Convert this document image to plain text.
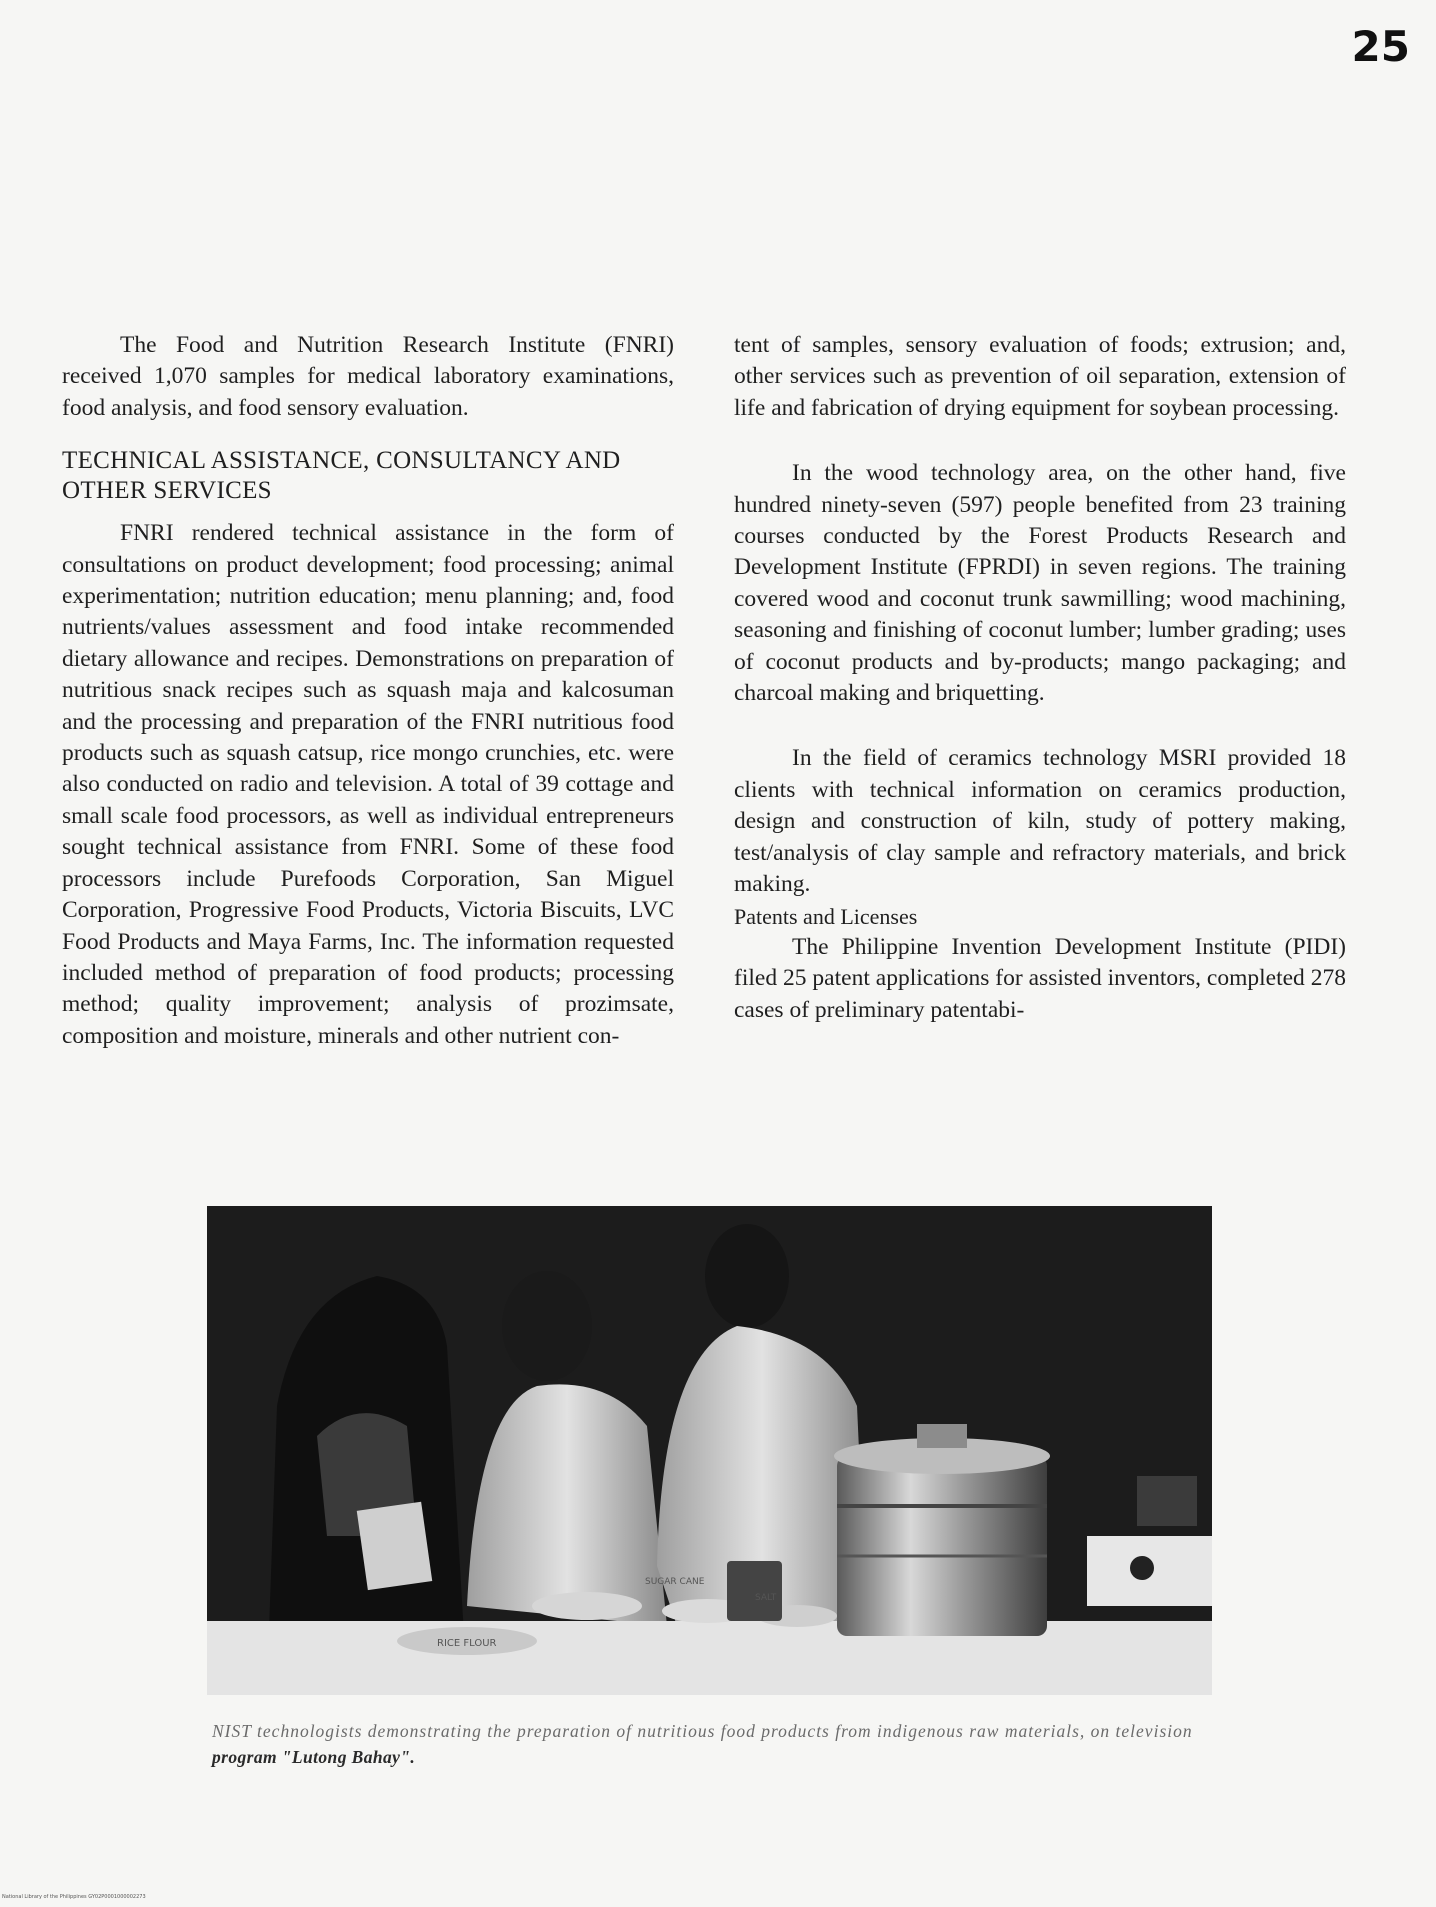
25

The Food and Nutrition Research Institute (FNRI) received 1,070 samples for medical laboratory examinations, food analysis, and food sensory evaluation.

TECHNICAL ASSISTANCE, CONSULTANCY AND OTHER SERVICES

FNRI rendered technical assistance in the form of consultations on product development; food processing; animal experimentation; nutrition education; menu planning; and, food nutrients/values assessment and food intake recommended dietary allowance and recipes. Demonstrations on preparation of nutritious snack recipes such as squash maja and kalcosuman and the processing and preparation of the FNRI nutritious food products such as squash catsup, rice mongo crunchies, etc. were also conducted on radio and television. A total of 39 cottage and small scale food processors, as well as individual entrepreneurs sought technical assistance from FNRI. Some of these food processors include Purefoods Corporation, San Miguel Corporation, Progressive Food Products, Victoria Biscuits, LVC Food Products and Maya Farms, Inc. The information requested included method of preparation of food products; processing method; quality improvement; analysis of prozimsate, composition and moisture, minerals and other nutrient con-

tent of samples, sensory evaluation of foods; extrusion; and, other services such as prevention of oil separation, extension of life and fabrication of drying equipment for soybean processing.

In the wood technology area, on the other hand, five hundred ninety-seven (597) people benefited from 23 training courses conducted by the Forest Products Research and Development Institute (FPRDI) in seven regions. The training covered wood and coconut trunk sawmilling; wood machining, seasoning and finishing of coconut lumber; lumber grading; uses of coconut products and by-products; mango packaging; and charcoal making and briquetting.

In the field of ceramics technology MSRI provided 18 clients with technical information on ceramics production, design and construction of kiln, study of pottery making, test/analysis of clay sample and refractory materials, and brick making.

Patents and Licenses

The Philippine Invention Development Institute (PIDI) filed 25 patent applications for assisted inventors, completed 278 cases of preliminary patentabi-

RICE FLOUR
SUGAR CANE
SALT
NIST technologists demonstrating the preparation of nutritious food products from indigenous raw materials, on television program "Lutong Bahay".
National Library of the Philippines GY02P0001000002273
